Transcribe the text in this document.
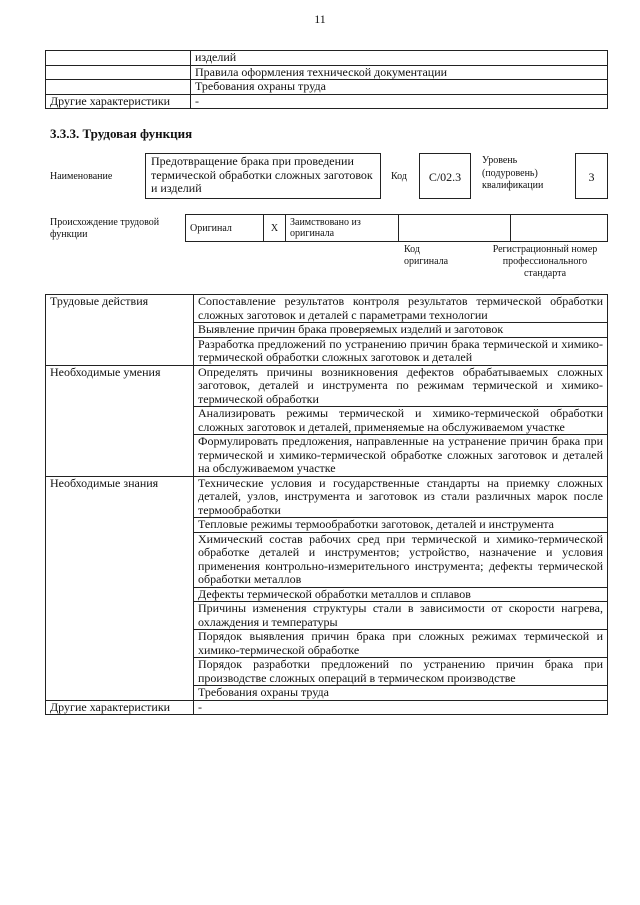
11
	изделий
	Правила оформления технической документации
	Требования охраны труда
Другие характеристики	-
3.3.3. Трудовая функция
Наименование
Предотвращение брака при проведении термической обработки сложных заготовок и изделий
Код	C/02.3
Уровень
(подуровень)
квалификации
3
Происхождение трудовой
функции
Оригинал	X	Заимствовано из оригинала		
Код
оригинала
Регистрационный номер
профессионального
стандарта
Трудовые действия	Сопоставление результатов контроля результатов термической обработки сложных заготовок и деталей с параметрами технологии
	Выявление причин брака проверяемых изделий и заготовок
	Разработка предложений по устранению причин брака термической и химико-термической обработки сложных заготовок и деталей
Необходимые умения	Определять причины возникновения дефектов обрабатываемых сложных заготовок, деталей и инструмента по режимам термической и химико-термической обработки
	Анализировать режимы термической и химико-термической обработки сложных заготовок и деталей, применяемые на обслуживаемом участке
	Формулировать предложения, направленные на устранение причин брака при термической и химико-термической обработке сложных заготовок и деталей на обслуживаемом участке
Необходимые знания	Технические условия и государственные стандарты на приемку сложных деталей, узлов, инструмента и заготовок из стали различных марок после термообработки
	Тепловые режимы термообработки заготовок, деталей и инструмента
	Химический состав рабочих сред при термической и химико-термической обработке деталей и инструментов; устройство, назначение и условия применения контрольно-измерительного инструмента; дефекты термической обработки металлов
	Дефекты термической обработки металлов и сплавов
	Причины изменения структуры стали в зависимости от скорости нагрева, охлаждения и температуры
	Порядок выявления причин брака при сложных режимах термической и химико-термической обработке
	Порядок разработки предложений по устранению причин брака при производстве сложных операций в термическом производстве
	Требования охраны труда
Другие характеристики	-
